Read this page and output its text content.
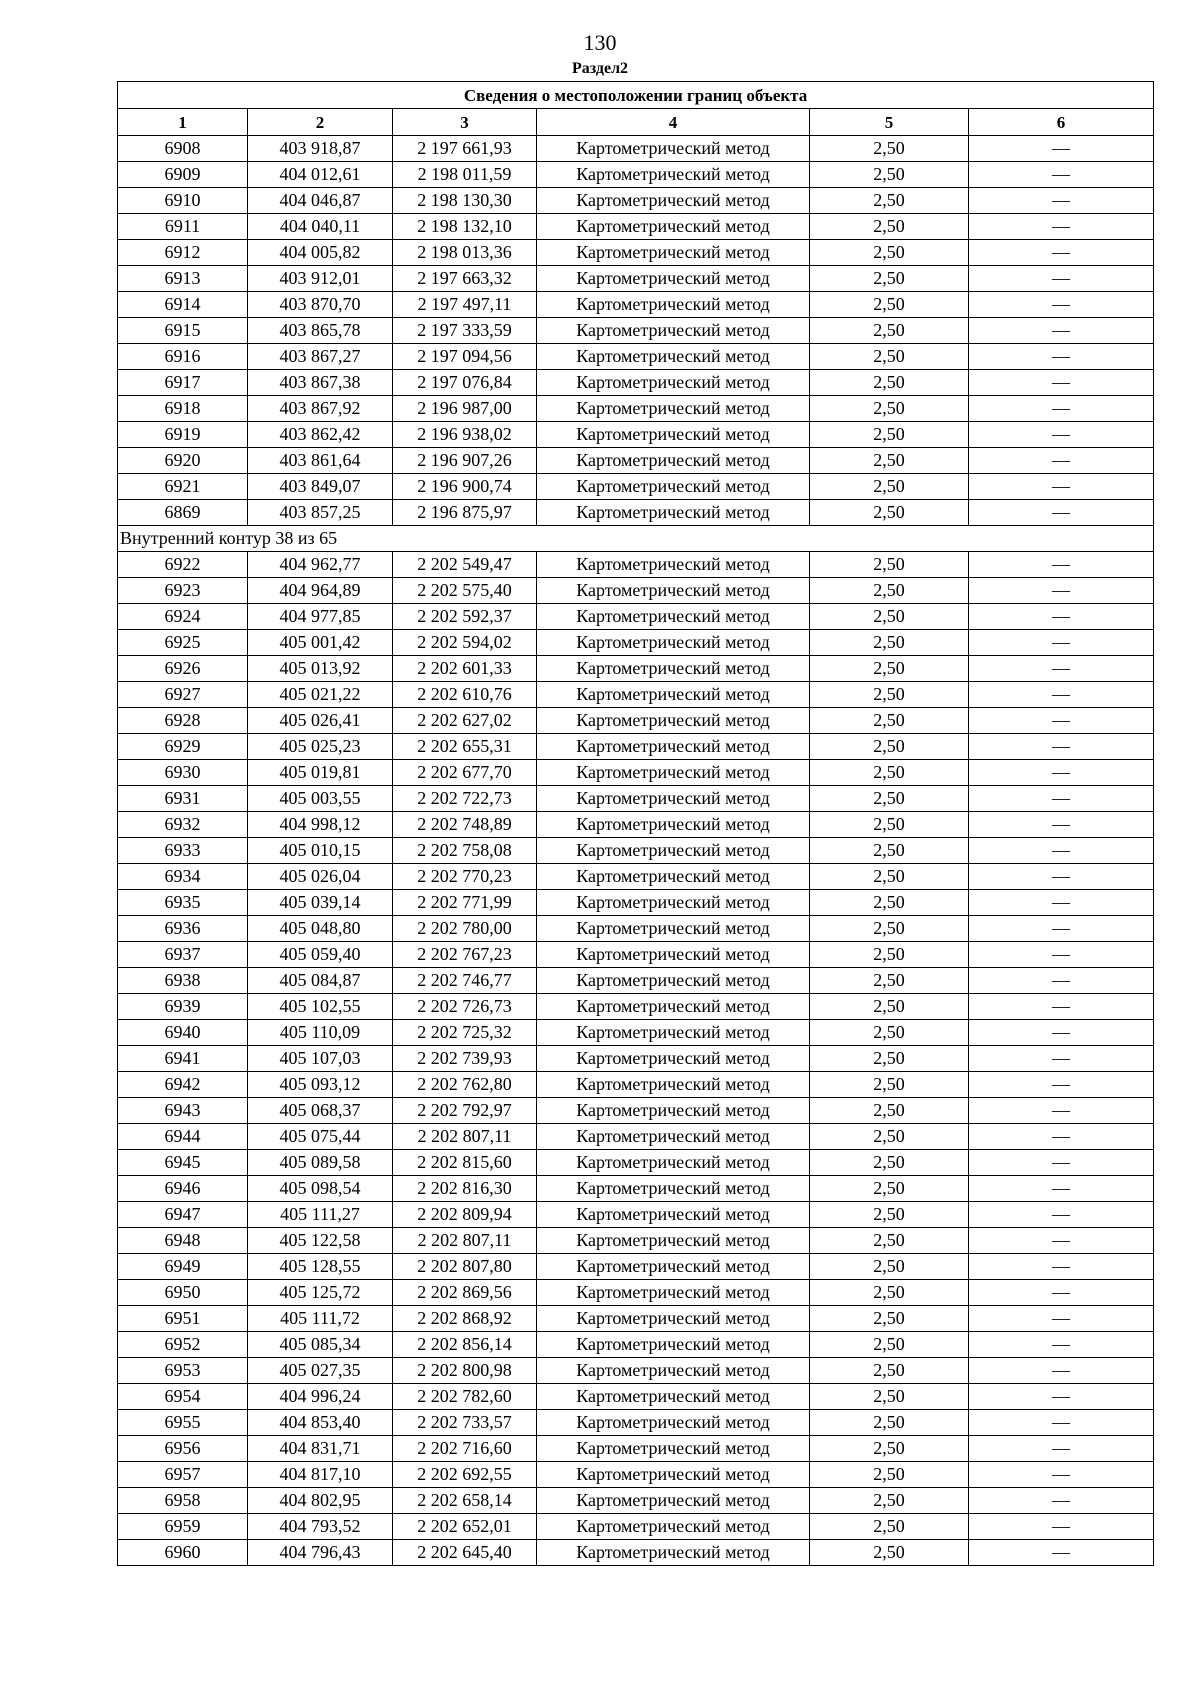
130
Раздел2
Сведения о местоположении границ объекта					
1	2	3	4	5	6
6908	403 918,87	2 197 661,93	Картометрический метод	2,50	—
6909	404 012,61	2 198 011,59	Картометрический метод	2,50	—
6910	404 046,87	2 198 130,30	Картометрический метод	2,50	—
6911	404 040,11	2 198 132,10	Картометрический метод	2,50	—
6912	404 005,82	2 198 013,36	Картометрический метод	2,50	—
6913	403 912,01	2 197 663,32	Картометрический метод	2,50	—
6914	403 870,70	2 197 497,11	Картометрический метод	2,50	—
6915	403 865,78	2 197 333,59	Картометрический метод	2,50	—
6916	403 867,27	2 197 094,56	Картометрический метод	2,50	—
6917	403 867,38	2 197 076,84	Картометрический метод	2,50	—
6918	403 867,92	2 196 987,00	Картометрический метод	2,50	—
6919	403 862,42	2 196 938,02	Картометрический метод	2,50	—
6920	403 861,64	2 196 907,26	Картометрический метод	2,50	—
6921	403 849,07	2 196 900,74	Картометрический метод	2,50	—
6869	403 857,25	2 196 875,97	Картометрический метод	2,50	—
Внутренний контур 38 из 65					
6922	404 962,77	2 202 549,47	Картометрический метод	2,50	—
6923	404 964,89	2 202 575,40	Картометрический метод	2,50	—
6924	404 977,85	2 202 592,37	Картометрический метод	2,50	—
6925	405 001,42	2 202 594,02	Картометрический метод	2,50	—
6926	405 013,92	2 202 601,33	Картометрический метод	2,50	—
6927	405 021,22	2 202 610,76	Картометрический метод	2,50	—
6928	405 026,41	2 202 627,02	Картометрический метод	2,50	—
6929	405 025,23	2 202 655,31	Картометрический метод	2,50	—
6930	405 019,81	2 202 677,70	Картометрический метод	2,50	—
6931	405 003,55	2 202 722,73	Картометрический метод	2,50	—
6932	404 998,12	2 202 748,89	Картометрический метод	2,50	—
6933	405 010,15	2 202 758,08	Картометрический метод	2,50	—
6934	405 026,04	2 202 770,23	Картометрический метод	2,50	—
6935	405 039,14	2 202 771,99	Картометрический метод	2,50	—
6936	405 048,80	2 202 780,00	Картометрический метод	2,50	—
6937	405 059,40	2 202 767,23	Картометрический метод	2,50	—
6938	405 084,87	2 202 746,77	Картометрический метод	2,50	—
6939	405 102,55	2 202 726,73	Картометрический метод	2,50	—
6940	405 110,09	2 202 725,32	Картометрический метод	2,50	—
6941	405 107,03	2 202 739,93	Картометрический метод	2,50	—
6942	405 093,12	2 202 762,80	Картометрический метод	2,50	—
6943	405 068,37	2 202 792,97	Картометрический метод	2,50	—
6944	405 075,44	2 202 807,11	Картометрический метод	2,50	—
6945	405 089,58	2 202 815,60	Картометрический метод	2,50	—
6946	405 098,54	2 202 816,30	Картометрический метод	2,50	—
6947	405 111,27	2 202 809,94	Картометрический метод	2,50	—
6948	405 122,58	2 202 807,11	Картометрический метод	2,50	—
6949	405 128,55	2 202 807,80	Картометрический метод	2,50	—
6950	405 125,72	2 202 869,56	Картометрический метод	2,50	—
6951	405 111,72	2 202 868,92	Картометрический метод	2,50	—
6952	405 085,34	2 202 856,14	Картометрический метод	2,50	—
6953	405 027,35	2 202 800,98	Картометрический метод	2,50	—
6954	404 996,24	2 202 782,60	Картометрический метод	2,50	—
6955	404 853,40	2 202 733,57	Картометрический метод	2,50	—
6956	404 831,71	2 202 716,60	Картометрический метод	2,50	—
6957	404 817,10	2 202 692,55	Картометрический метод	2,50	—
6958	404 802,95	2 202 658,14	Картометрический метод	2,50	—
6959	404 793,52	2 202 652,01	Картометрический метод	2,50	—
6960	404 796,43	2 202 645,40	Картометрический метод	2,50	—
